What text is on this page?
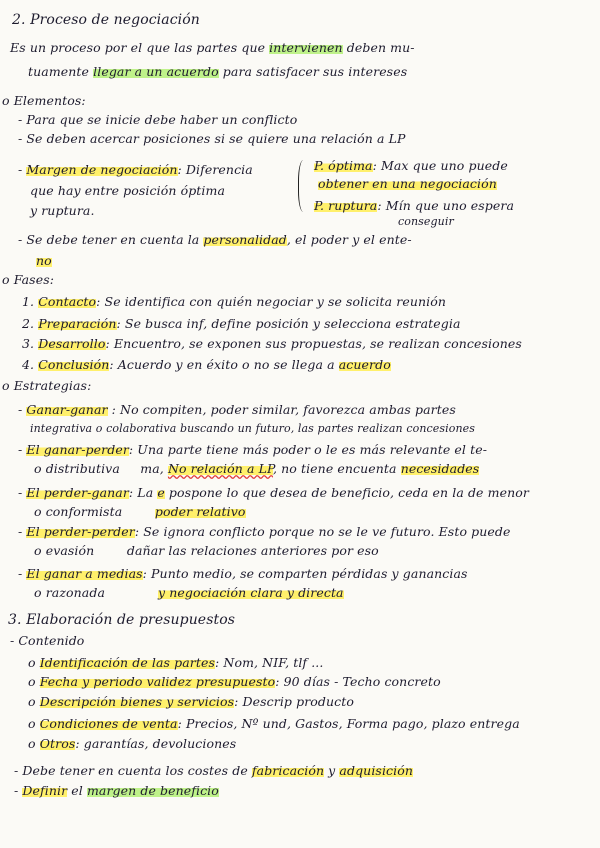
2. Proceso de negociación
Es un proceso por el que las partes que intervienen deben mu-
tuamente llegar a un acuerdo para satisfacer sus intereses
o Elementos:
- Para que se inicie debe haber un conflicto
- Se deben acercar posiciones si se quiere una relación a LP
- Margen de negociación: Diferencia
que hay entre posición óptima
y ruptura.
P. óptima: Max que uno puede
obtener en una negociación
P. ruptura: Mín que uno espera
conseguir
- Se debe tener en cuenta la personalidad, el poder y el ente-
no
o Fases:
1. Contacto: Se identifica con quién negociar y se solicita reunión
2. Preparación: Se busca inf, define posición y selecciona estrategia
3. Desarrollo: Encuentro, se exponen sus propuestas, se realizan concesiones
4. Conclusión: Acuerdo y en éxito o no se llega a acuerdo
o Estrategias:
- Ganar-ganar : No compiten, poder similar, favorezca ambas partes
integrativa o colaborativa buscando un futuro, las partes realizan concesiones
- El ganar-perder: Una parte tiene más poder o le es más relevante el te-
o distributiva ma, No relación a LP, no tiene encuenta necesidades
- El perder-ganar: La e pospone lo que desea de beneficio, ceda en la de menor
o conformista	poder relativo
- El perder-perder: Se ignora conflicto porque no se le ve futuro. Esto puede
o evasión	dañar las relaciones anteriores por eso
- El ganar a medias: Punto medio, se comparten pérdidas y ganancias
o razonada	y negociación clara y directa
3. Elaboración de presupuestos
- Contenido
o Identificación de las partes: Nom, NIF, tlf ...
o Fecha y periodo validez presupuesto: 90 días - Techo concreto
o Descripción bienes y servicios: Descrip producto
o Condiciones de venta: Precios, Nº und, Gastos, Forma pago, plazo entrega
o Otros: garantías, devoluciones
- Debe tener en cuenta los costes de fabricación y adquisición
- Definir el margen de beneficio
